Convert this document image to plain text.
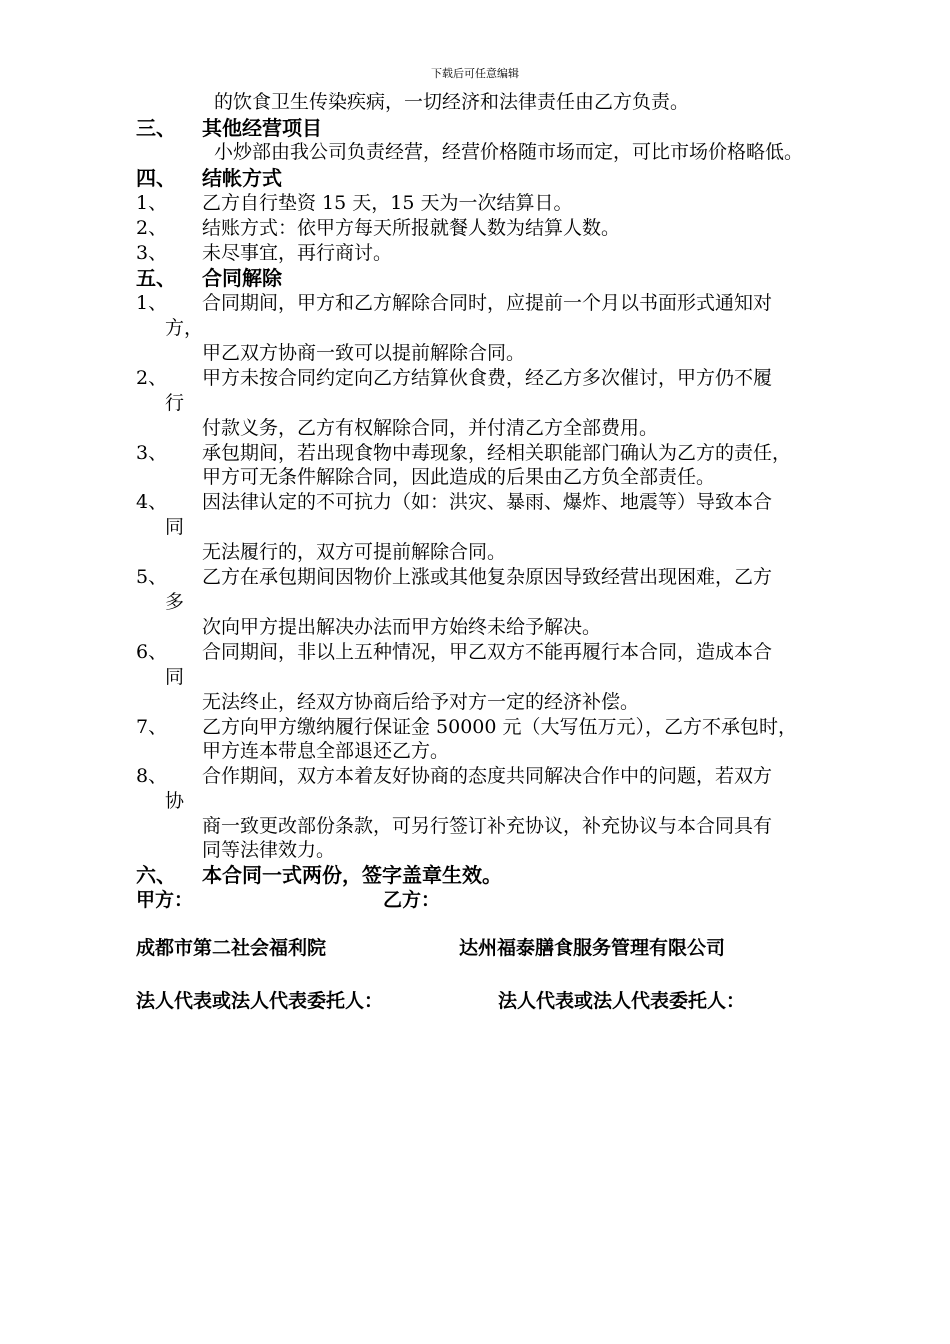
下载后可任意编辑
的饮食卫生传染疾病，一切经济和法律责任由乙方负责。
三、 其他经营项目
小炒部由我公司负责经营，经营价格随市场而定，可比市场价格略低。
四、 结帐方式
1、 乙方自行垫资 15 天，15 天为一次结算日。
2、 结账方式：依甲方每天所报就餐人数为结算人数。
3、 未尽事宜，再行商讨。
五、 合同解除
1、 合同期间，甲方和乙方解除合同时，应提前一个月以书面形式通知对
方，
甲乙双方协商一致可以提前解除合同。
2、 甲方未按合同约定向乙方结算伙食费，经乙方多次催讨，甲方仍不履
行
付款义务，乙方有权解除合同，并付清乙方全部费用。
3、 承包期间，若出现食物中毒现象，经相关职能部门确认为乙方的责任，
甲方可无条件解除合同，因此造成的后果由乙方负全部责任。
4、 因法律认定的不可抗力（如：洪灾、暴雨、爆炸、地震等）导致本合
同
无法履行的，双方可提前解除合同。
5、 乙方在承包期间因物价上涨或其他复杂原因导致经营出现困难，乙方
多
次向甲方提出解决办法而甲方始终未给予解决。
6、 合同期间，非以上五种情况，甲乙双方不能再履行本合同，造成本合
同
无法终止，经双方协商后给予对方一定的经济补偿。
7、 乙方向甲方缴纳履行保证金 50000 元（大写伍万元），乙方不承包时，
甲方连本带息全部退还乙方。
8、 合作期间，双方本着友好协商的态度共同解决合作中的问题，若双方
协
商一致更改部份条款，可另行签订补充协议，补充协议与本合同具有
同等法律效力。
六、 本合同一式两份，签字盖章生效。
甲方：	乙方：
成都市第二社会福利院	达州福泰膳食服务管理有限公司
法人代表或法人代表委托人：	法人代表或法人代表委托人：
